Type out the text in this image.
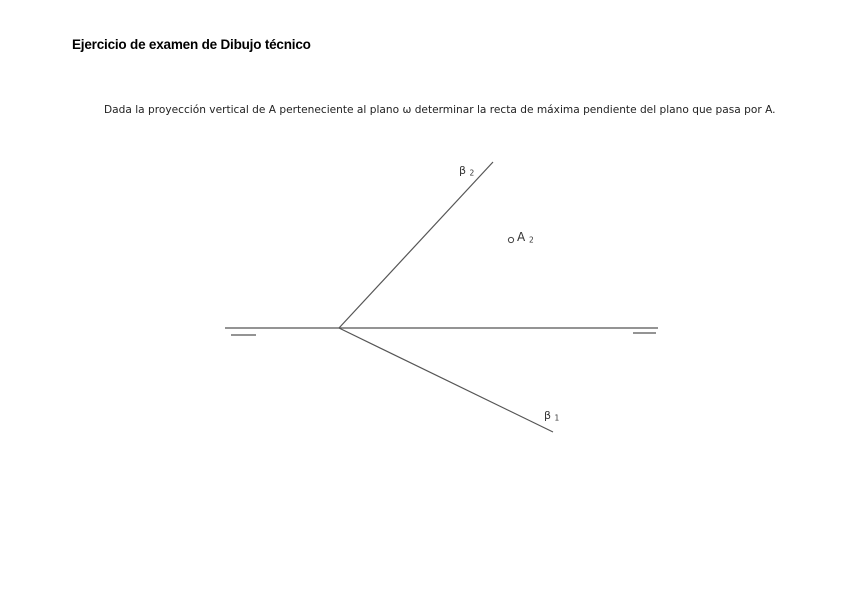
Ejercicio de examen de Dibujo técnico
Dada la proyección vertical de A perteneciente al plano ω determinar la recta de máxima pendiente del plano que pasa por A.
β 2
A 2
β 1
